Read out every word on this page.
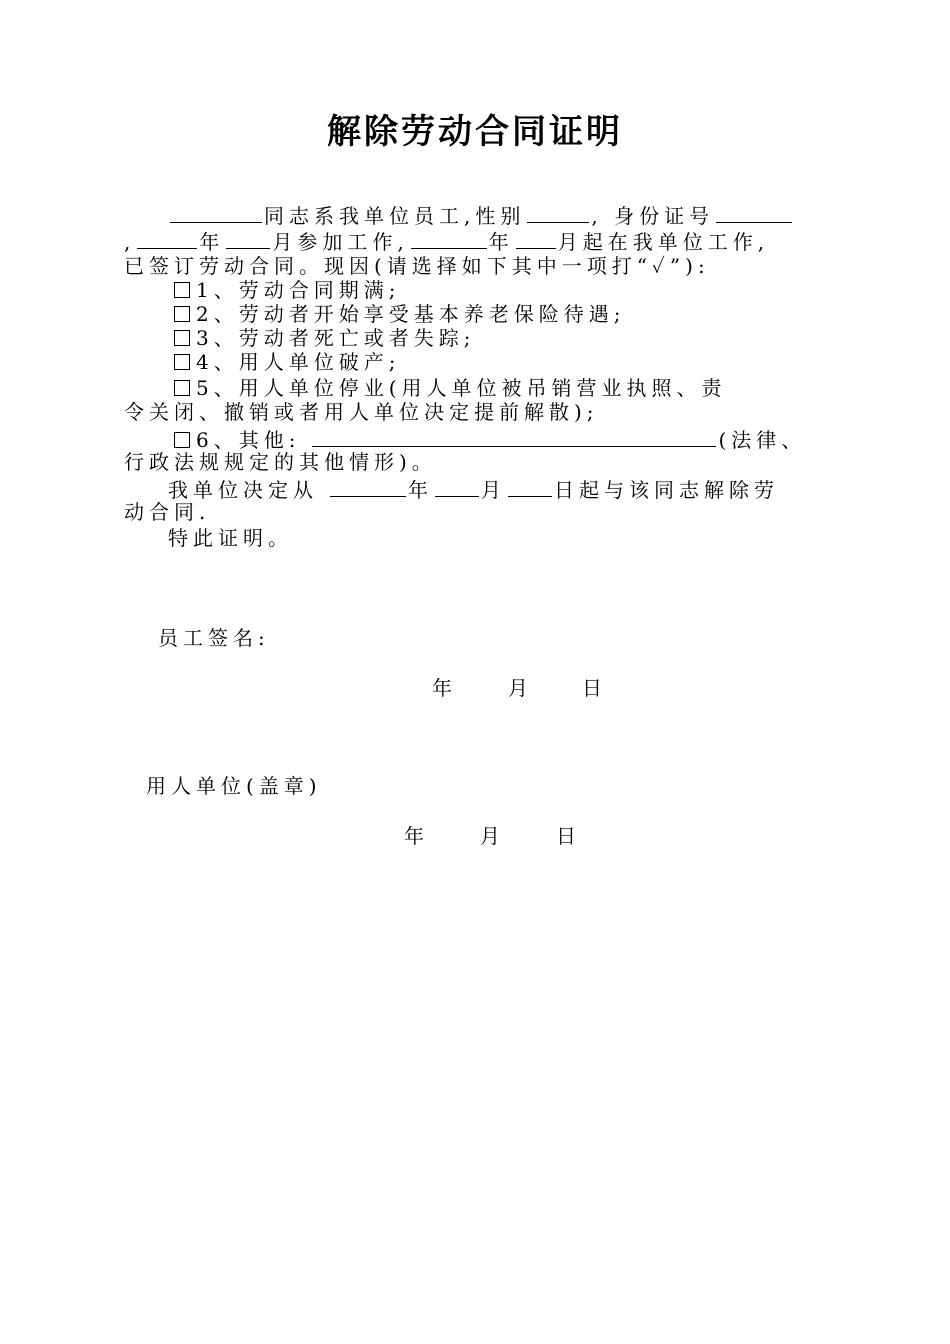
解除劳动合同证明
同志系我单位员工,性别	, 身份证号
,	年 月参加工作,	年 月起在我单位工作,
已签订劳动合同。现因(请选择如下其中一项打“✓”):
1、劳动合同期满;
2、劳动者开始享受基本养老保险待遇;
3、劳动者死亡或者失踪;
4、用人单位破产;
5、用人单位停业(用人单位被吊销营业执照、责
令关闭、撤销或者用人单位决定提前解散);
6、其他:	(法律、
行政法规规定的其他情形)。
我单位决定从	年 月 日起与该同志解除劳
动合同.
特此证明。
员工签名:
年	月 日
用人单位(盖章)
年	月	日
